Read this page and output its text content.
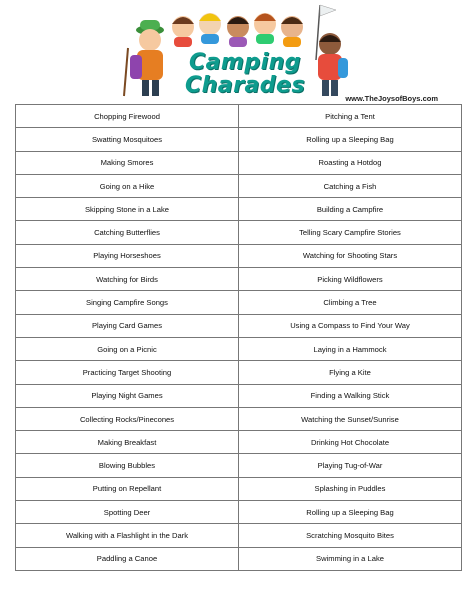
Camping
Charades
www.TheJoysofBoys.com
Chopping Firewood	Pitching a Tent
Swatting Mosquitoes	Rolling up a Sleeping Bag
Making Smores	Roasting a Hotdog
Going on a Hike	Catching a Fish
Skipping Stone in a Lake	Building a Campfire
Catching Butterflies	Telling Scary Campfire Stories
Playing Horseshoes	Watching for Shooting Stars
Watching for Birds	Picking Wildflowers
Singing Campfire Songs	Climbing a Tree
Playing Card Games	Using a Compass to Find Your Way
Going on a Picnic	Laying in a Hammock
Practicing Target Shooting	Flying a Kite
Playing Night Games	Finding a Walking Stick
Collecting Rocks/Pinecones	Watching the Sunset/Sunrise
Making Breakfast	Drinking Hot Chocolate
Blowing Bubbles	Playing Tug-of-War
Putting on Repellant	Splashing in Puddles
Spotting Deer	Rolling up a Sleeping Bag
Walking with a Flashlight in the Dark	Scratching Mosquito Bites
Paddling a Canoe	Swimming in a Lake
